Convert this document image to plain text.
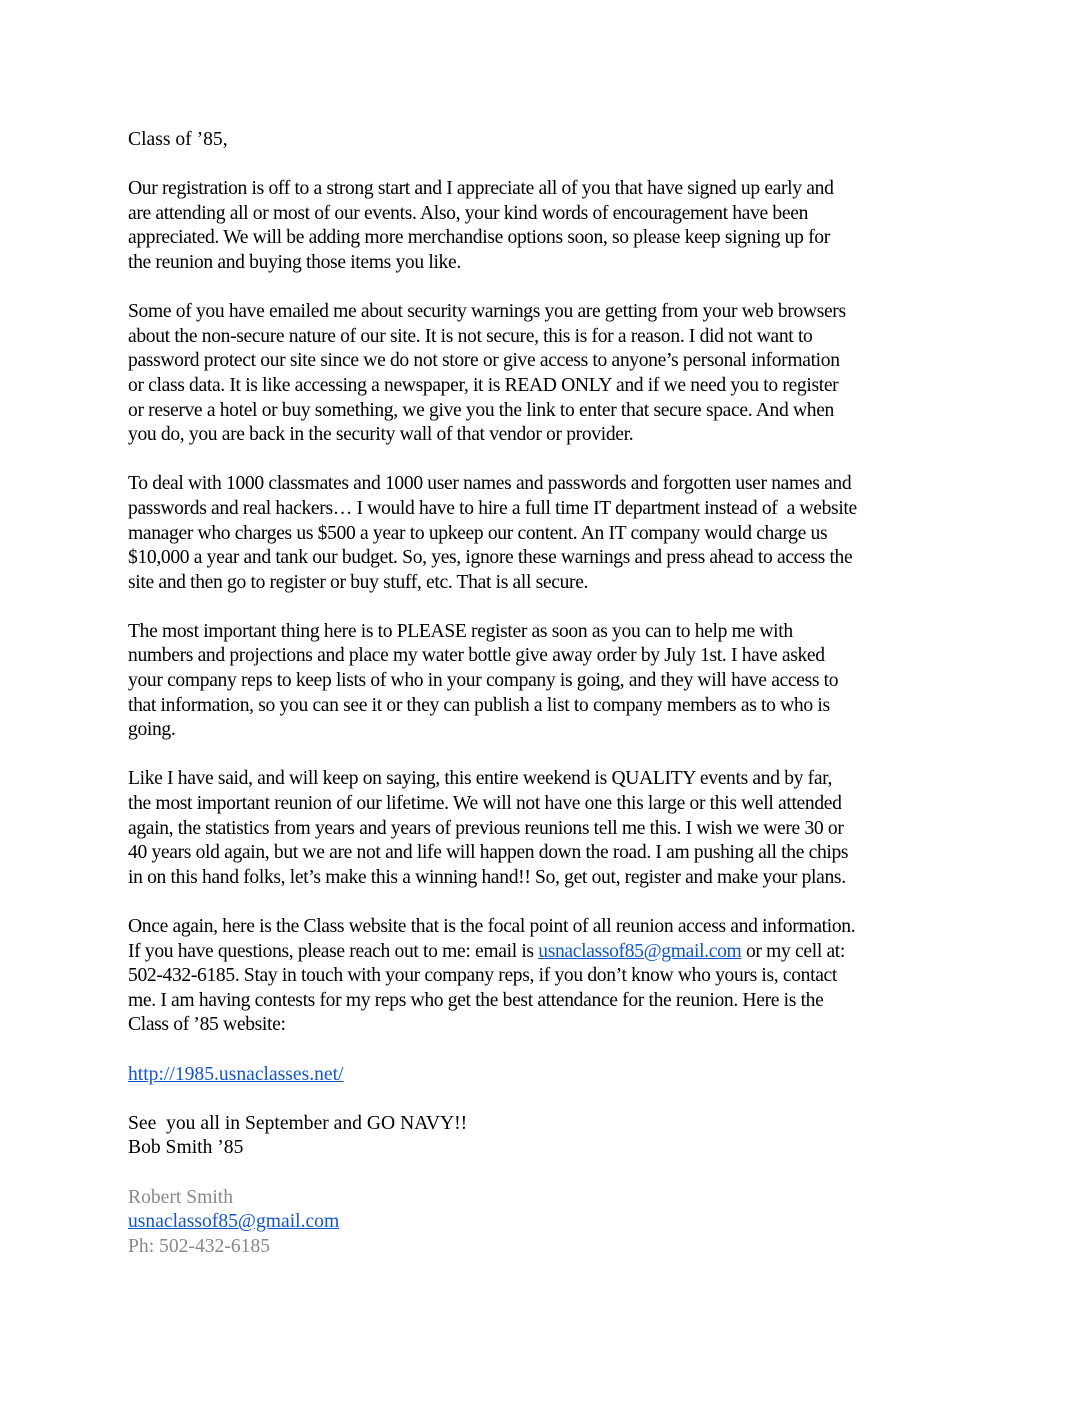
Class of ’85,
Our registration is off to a strong start and I appreciate all of you that have signed up early and
are attending all or most of our events. Also, your kind words of encouragement have been
appreciated. We will be adding more merchandise options soon, so please keep signing up for
the reunion and buying those items you like.
Some of you have emailed me about security warnings you are getting from your web browsers
about the non-secure nature of our site. It is not secure, this is for a reason. I did not want to
password protect our site since we do not store or give access to anyone’s personal information
or class data. It is like accessing a newspaper, it is READ ONLY and if we need you to register
or reserve a hotel or buy something, we give you the link to enter that secure space. And when
you do, you are back in the security wall of that vendor or provider.
To deal with 1000 classmates and 1000 user names and passwords and forgotten user names and
passwords and real hackers… I would have to hire a full time IT department instead of  a website
manager who charges us $500 a year to upkeep our content. An IT company would charge us
$10,000 a year and tank our budget. So, yes, ignore these warnings and press ahead to access the
site and then go to register or buy stuff, etc. That is all secure.
The most important thing here is to PLEASE register as soon as you can to help me with
numbers and projections and place my water bottle give away order by July 1st. I have asked
your company reps to keep lists of who in your company is going, and they will have access to
that information, so you can see it or they can publish a list to company members as to who is
going.
Like I have said, and will keep on saying, this entire weekend is QUALITY events and by far,
the most important reunion of our lifetime. We will not have one this large or this well attended
again, the statistics from years and years of previous reunions tell me this. I wish we were 30 or
40 years old again, but we are not and life will happen down the road. I am pushing all the chips
in on this hand folks, let’s make this a winning hand!! So, get out, register and make your plans.
Once again, here is the Class website that is the focal point of all reunion access and information.
If you have questions, please reach out to me: email is usnaclassof85@gmail.com or my cell at:
502-432-6185. Stay in touch with your company reps, if you don’t know who yours is, contact
me. I am having contests for my reps who get the best attendance for the reunion. Here is the
Class of ’85 website:
http://1985.usnaclasses.net/
See  you all in September and GO NAVY!!
Bob Smith ’85
Robert Smith
usnaclassof85@gmail.com
Ph: 502-432-6185
